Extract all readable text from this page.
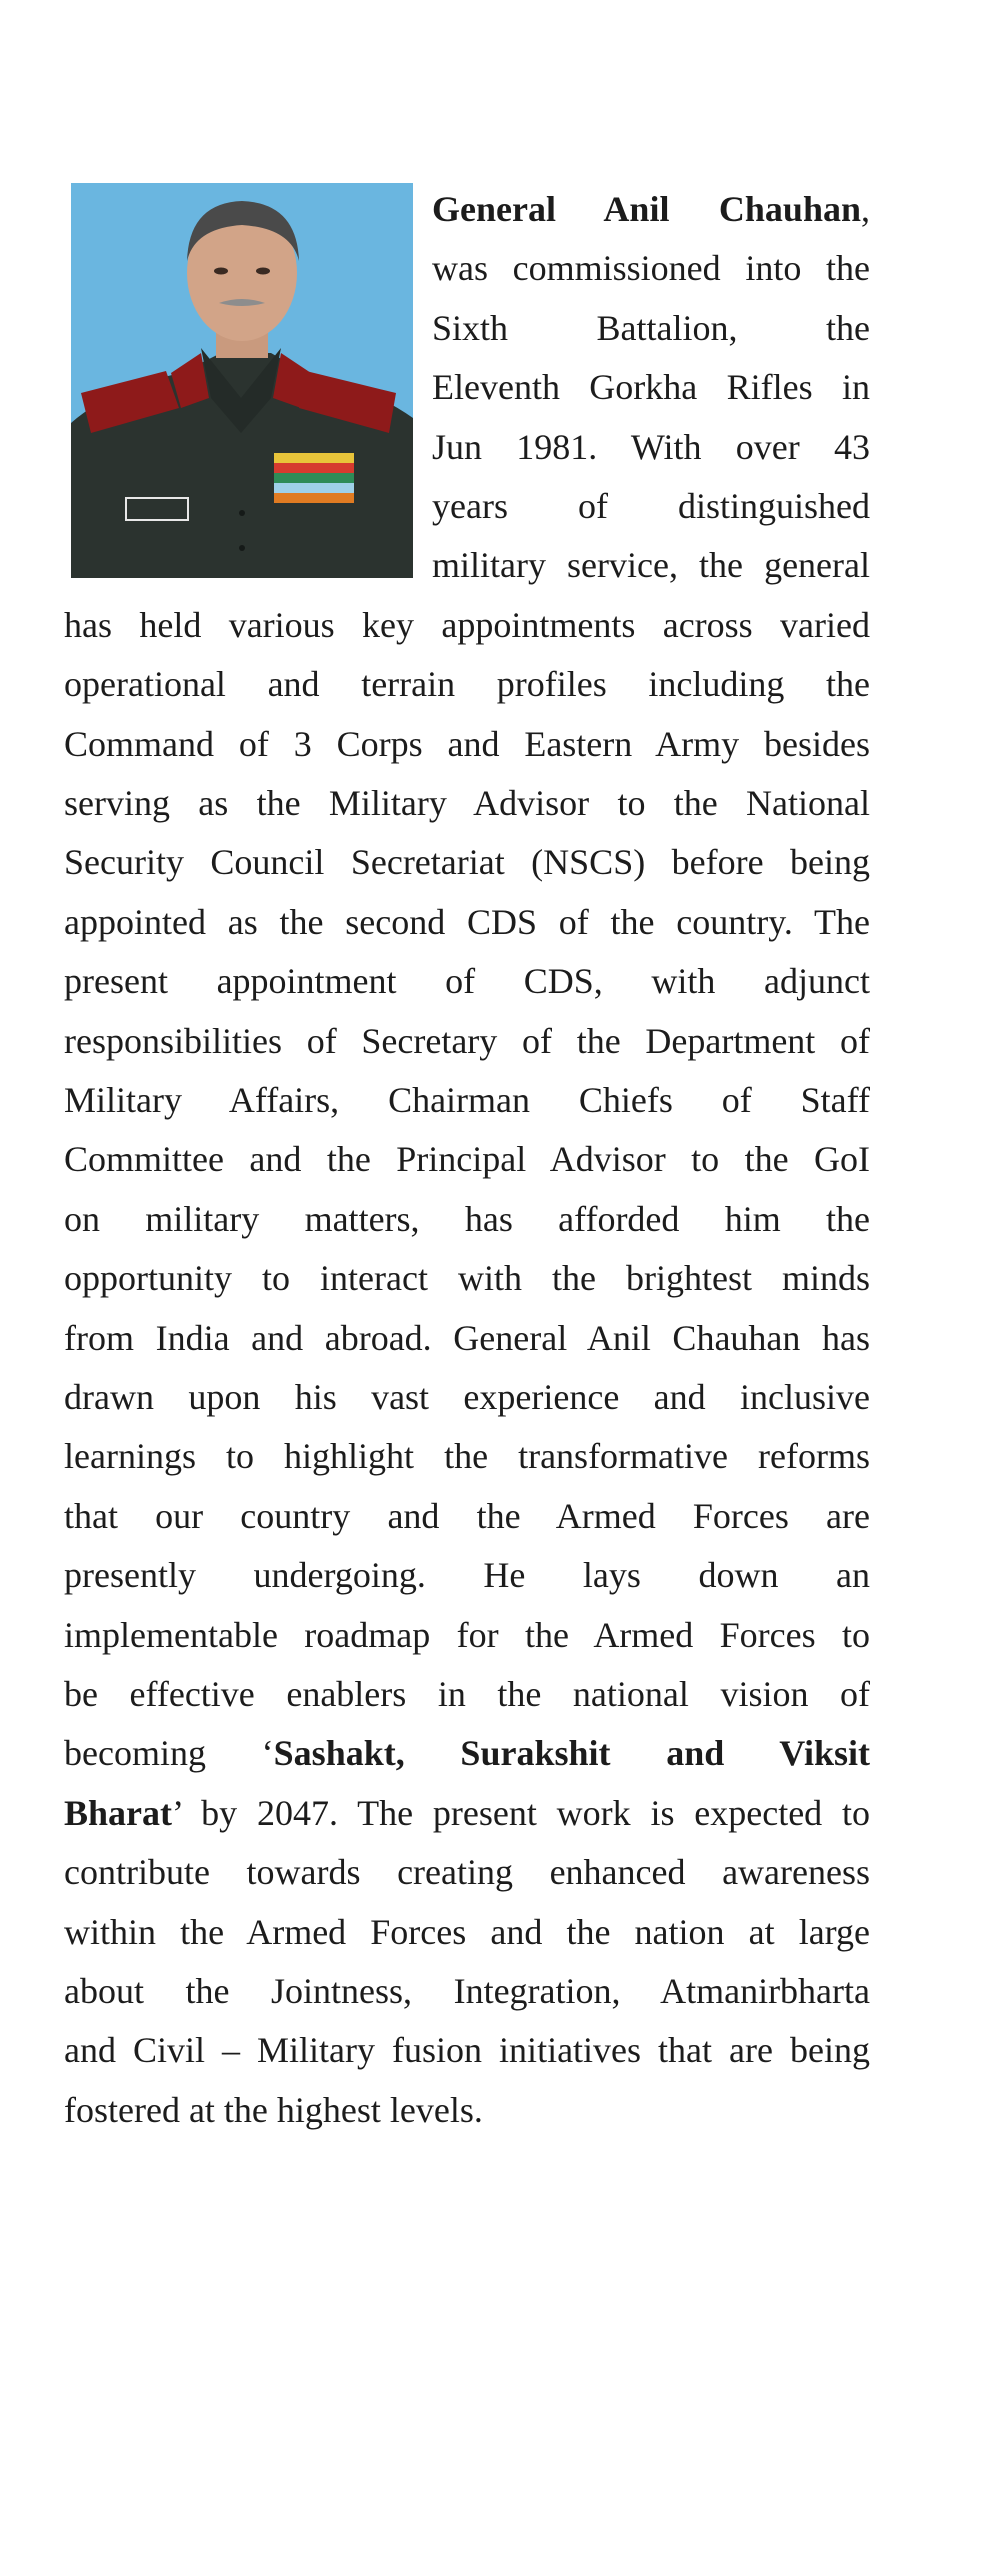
General Anil Chauhan,
was commissioned into the
Sixth Battalion, the
Eleventh Gorkha Rifles in
Jun 1981. With over 43
years of distinguished
military service, the general
has held various key appointments across varied
operational and terrain profiles including the
Command of 3 Corps and Eastern Army besides
serving as the Military Advisor to the National
Security Council Secretariat (NSCS) before being
appointed as the second CDS of the country. The
present appointment of CDS, with adjunct
responsibilities of Secretary of the Department of
Military Affairs, Chairman Chiefs of Staff
Committee and the Principal Advisor to the GoI
on military matters, has afforded him the
opportunity to interact with the brightest minds
from India and abroad. General Anil Chauhan has
drawn upon his vast experience and inclusive
learnings to highlight the transformative reforms
that our country and the Armed Forces are
presently undergoing. He lays down an
implementable roadmap for the Armed Forces to
be effective enablers in the national vision of
becoming ‘Sashakt, Surakshit and Viksit
Bharat’ by 2047. The present work is expected to
contribute towards creating enhanced awareness
within the Armed Forces and the nation at large
about the Jointness, Integration, Atmanirbharta
and Civil – Military fusion initiatives that are being
fostered at the highest levels.
